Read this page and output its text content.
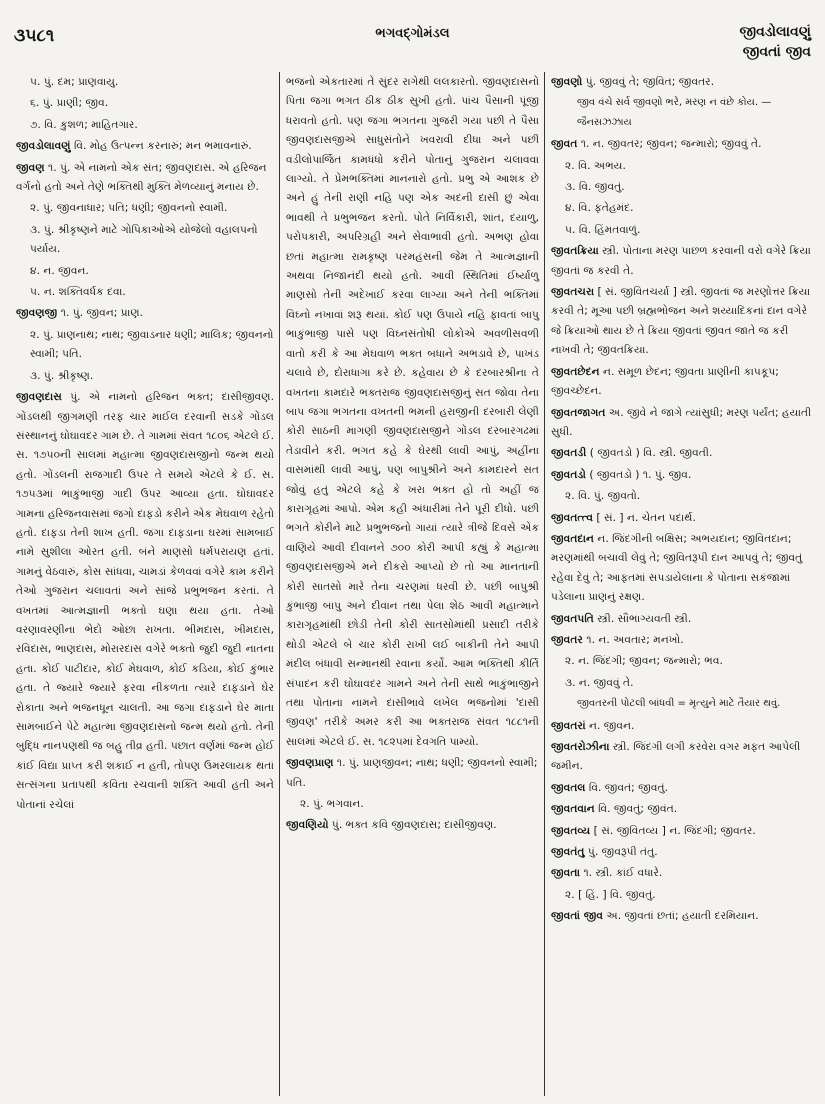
૩૫૮૧	ભગવદ્ગોમંડલ	જીવડોલાવણું
જીવતાં જીવ
૫. પું. દમ; પ્રાણવાયુ.
૬. પું. પ્રાણી; જીવ.
૭. વિ. કુશળ; માહિતગાર.
જીવડોલાવણું વિ. મોહ ઉત્પન્ન કરનારું; મન ભમાવનારું.
જીવણ ૧. પું. એ નામનો એક સંત; જીવણદાસ. એ હરિજન વર્ગનો હતો અને તેણે ભક્તિથી મુક્તિ મેળવ્યાનું મનાય છે.
૨. પું. જીવનાધાર; પતિ; ધણી; જીવનનો સ્વામી.
૩. પું. શ્રીકૃષ્ણને માટે ગોપિકાઓએ યોજેલો વહાલપનો પર્યાય.
૪. ન. જીવન.
૫. ન. શક્તિવર્ધક દવા.
જીવણજી ૧. પું. જીવન; પ્રાણ.
૨. પું. પ્રાણનાથ; નાથ; જીવાડનાર ધણી; માલિક; જીવનનો સ્વામી; પતિ.
૩. પું. શ્રીકૃષ્ણ.
જીવણદાસ પું. એ નામનો હરિજન ભક્ત; દાસીજીવણ. ગોંડલથી જીગમણી તરફ ચાર માઈલ દરવાની સડકે ગોંડલ સંસ્થાનનું ઘોઘાવદર ગામ છે. તે ગામમાં સંવત ૧૮૦૬ એટલે ઈ. સ. ૧૭૫૦ની સાલમાં મહાત્મા જીવણદાસજીનો જન્મ થયો હતો. ગોંડલની રાજગાદી ઉપર તે સમયે એટલે કે ઈ. સ. ૧૭૫૩માં ભાકુંભાજી ગાદી ઉપર આવ્યા હતા. ઘોઘાવદર ગામના હરિજનવાસમાં જગો દાફડો કરીને એક મેઘવાળ રહેતો હતો. દાફડા તેની શાખ હતી. જગા દાફડાના ઘરમાં સામબાઈ નામે સુશીલા ઓરત હતી. બંને માણસો ધર્મપરાયણ હતાં. ગામનું વેઠવારું, કોસ સાંધવા, ચામડાં કેળવવાં વગેરે કામ કરીને તેઓ ગુજરાન ચલાવતાં અને સાંજે પ્રભુભજન કરતાં. તે વખતમાં આત્મજ્ઞાની ભક્તો ઘણા થયા હતા. તેઓ વરણાવરણીના ભેદો ઓછા રાખતા. ભીમદાસ, ખીમદાસ, રવિદાસ, ભાણદાસ, મોરારદાસ વગેરે ભક્તો જુદી જુદી નાતના હતા. કોઈ પાટીદાર, કોઈ મેઘવાળ, કોઈ કડિયા, કોઈ કુંભાર હતા. તે જ્યારે જ્યારે ફરવા નીકળતા ત્યારે દાફડાને ઘેર રોકાતા અને ભજનધૂન ચાલતી. આ જગા દાફડાને ઘેર માતા સામબાઈને પેટે મહાત્મા જીવણદાસનો જન્મ થયો હતો. તેની બુદ્ધિ નાનપણથી જ બહુ તીવ્ર હતી. પછાત વર્ણમાં જન્મ હોઈ કાંઈ વિદ્યા પ્રાપ્ત કરી શકાઈ ન હતી, તોપણ ઉમરલાયક થતાં સત્સંગના પ્રતાપથી કવિતા રચવાની શક્તિ આવી હતી અને પોતાનાં રચેલાં
ભજનો એકતારમાં તે સુંદર રાગેથી લલકારતો. જીવણદાસનો પિતા જગા ભગત ઠીક ઠીક સુખી હતો. પાંચ પૈસાની પૂંજી ધરાવતો હતો. પણ જગા ભગતના ગુજરી ગયા પછી તે પૈસા જીવણદાસજીએ સાધુસંતોને ખવરાવી દીધા અને પછી વડીલોપાર્જિત કામધંધો કરીને પોતાનું ગુજરાન ચલાવવા લાગ્યો. તે પ્રેમભક્તિમાં માનનારો હતો. પ્રભુ એ આશક છે અને હું તેની રાણી નહિ પણ એક અદની દાસી છું એવા ભાવથી તે પ્રભુભજન કરતો. પોતે નિર્વિકારી, શાંત, દયાળુ, પરોપકારી, અપરિગ્રહી અને સેવાભાવી હતો. અભણ હોવા છતાં મહાત્મા રામકૃષ્ણ પરમહંસની જેમ તે આત્મજ્ઞાની અથવા નિજાનંદી થયો હતો. આવી સ્થિતિમાં ઈર્ષ્યાળુ માણસો તેની અદેખાઈ કરવા લાગ્યા અને તેની ભક્તિમાં વિઘ્નો નખાવાં શરૂ થયાં. કોઈ પણ ઉપાયે નહિ ફાવતાં બાપુ ભાકુંભાજી પાસે પણ વિઘ્નસંતોષી લોકોએ અવળીસવળી વાતો કરી કે આ મેઘવાળ ભક્ત બધાને અભડાવે છે, પાખંડ ચલાવે છે, દોરાધાગા કરે છે. કહેવાય છે કે દરબારશ્રીના તે વખતના કામદારે ભક્તરાજ જીવણદાસજીનું સત જોવા તેના બાપ જગા ભગતના વખતની ભમની હરાજીની દરબારી લેણી કોરી સાઠની માગણી જીવણદાસજીને ગોંડલ દરબારગઢમાં તેડાવીને કરી. ભગત કહે કે ઘેરથી લાવી આપું, અહીંના વાસમાંથી લાવી આપું, પણ બાપુશ્રીને અને કામદારને સત જોવું હતું એટલે કહે કે ખરા ભક્ત હો તો અહીં જ કારાગૃહમાં આપો. એમ કહી અંધારીમાં તેને પૂરી દીધો. પછી ભગતે કોરીને માટે પ્રભુભજનો ગાયાં ત્યારે ત્રીજે દિવસે એક વાણિયે આવી દીવાનને ૭૦૦ કોરી આપી કહ્યું કે મહાત્મા જીવણદાસજીએ મને દીકરો આપ્યો છે તો આ માનતાની કોરી સાતસો મારે તેના ચરણમાં ધરવી છે. પછી બાપુશ્રી કુંભાજી બાપુ અને દીવાન તથા પેલા શેઠ આવી મહાત્માને કારાગૃહમાંથી છોડી તેની કોરી સાતસોમાંથી પ્રસાદી તરીકે થોડી એટલે બે ચાર કોરી રાખી લઈ બાકીની તેને આપી મંદીલ બંધાવી સન્માનથી રવાના કર્યો. આમ ભક્તિથી કીર્તિ સંપાદન કરી ઘોઘાવદર ગામને અને તેની સાથે ભાકુંભાજીને તથા પોતાના નામને દાસીભાવે લખેલ ભજનોમાં 'દાસી જીવણ' તરીકે અમર કરી આ ભક્તરાજ સંવત ૧૮૮૧ની સાલમાં એટલે ઈ. સ. ૧૮૨૫માં દેવગતિ પામ્યો.
જીવણપ્રાણ ૧. પું. પ્રાણજીવન; નાથ; ધણી; જીવનનો સ્વામી; પતિ.
૨. પું. ભગવાન.
જીવણિયો પું. ભક્ત કવિ જીવણદાસ; દાસીજીવણ.
જીવણો પું. જીવવું તે; જીવિત; જીવતર.
જીવ વંચે સર્વ જીવણો ભરે, મરણ ન વંછે કોય. — જૈનસઝઝાય
જીવત ૧. ન. જીવતર; જીવન; જન્મારો; જીવવું તે.
૨. વિ. અભય.
૩. વિ. જીવતું.
૪. વિ. ફતેહમંદ.
૫. વિ. હિંમતવાળું.
જીવતક્રિયા સ્ત્રી. પોતાના મરણ પાછળ કરવાની વરો વગેરે ક્રિયા જીવતાં જ કરવી તે.
જીવતચરા [ સં. જીવિતચર્યા ] સ્ત્રી. જીવતાં જ મરણોત્તર ક્રિયા કરવી તે; મૂઆ પછી બ્રહ્મભોજન અને શય્યાદિકનાં દાન વગેરે જે ક્રિયાઓ થાય છે તે ક્રિયા જીવતાં જીવત જાતે જ કરી નાખવી તે; જીવતક્રિયા.
જીવતછેદન ન. સમૂળ છેદન; જીવતા પ્રાણીની કાપકૂપ; જીવચ્છેદન.
જીવતજાગત અ. જીવે ને જાગે ત્યાંસુધી; મરણ પર્યંત; હયાતી સુધી.
જીવતડી ( જીવતડો ) વિ. સ્ત્રી. જીવતી.
જીવતડો ( જીવતડો ) ૧. પું. જીવ.
૨. વિ. પું. જીવતો.
જીવતત્ત્વ [ સં. ] ન. ચેતન પદાર્થ.
જીવતદાન ન. જિંદગીની બક્ષિસ; અભયદાન; જીવિતદાન; મરણમાંથી બચાવી લેવું તે; જીવિતરૂપી દાન આપવું તે; જીવતું રહેવા દેવું તે; આફતમાં સપડાયેલાના કે પોતાના સકંજામાં પડેલાના પ્રાણનું રક્ષણ.
જીવતપતિ સ્ત્રી. સૌભાગ્યવતી સ્ત્રી.
જીવતર ૧. ન. અવતાર; મનખો.
૨. ન. જિંદગી; જીવન; જન્મારો; ભવ.
૩. ન. જીવવું તે.
જીવતરની પોટલી બાંધવી = મૃત્યુને માટે તૈયાર થવું.
જીવતરાં ન. જીવન.
જીવતરોઝીના સ્ત્રી. જિંદગી લગી કરવેરા વગર મફત આપેલી જમીન.
જીવતલ વિ. જીવતં; જીવતું.
જીવતવાન વિ. જીવતું; જીવંત.
જીવતવ્ય [ સં. જીવિતવ્ય ] ન. જિંદગી; જીવતર.
જીવતંતુ પું. જીવરૂપી તંતુ.
જીવતા ૧. સ્ત્રી. કાંઈ વધારે.
૨. [ હિં. ] વિ. જીવતું.
જીવતાં જીવ અ. જીવતાં છતાં; હયાતી દરમિયાન.
